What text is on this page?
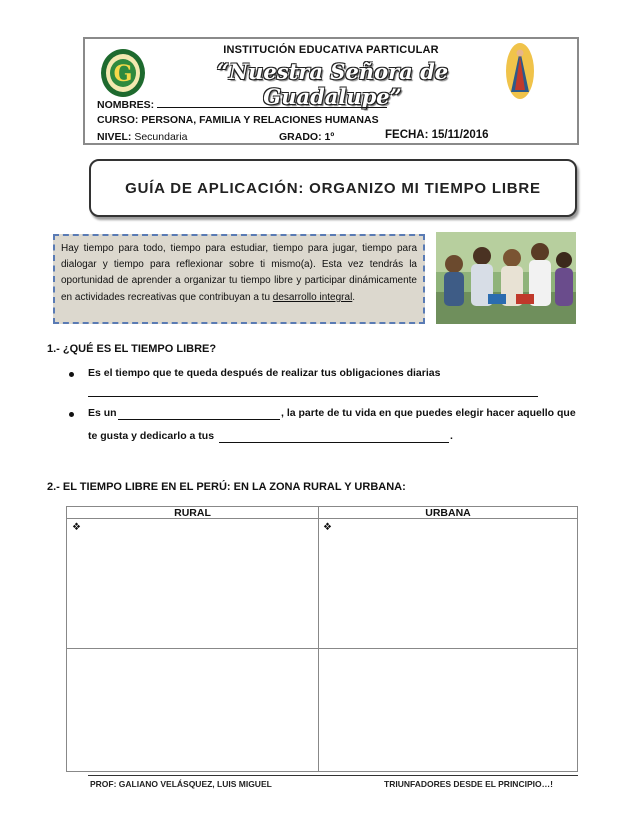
G
INSTITUCIÓN EDUCATIVA PARTICULAR
“Nuestra Señora de Guadalupe”
NOMBRES:
CURSO: PERSONA, FAMILIA Y RELACIONES HUMANAS
NIVEL: Secundaria	GRADO: 1º	FECHA: 15/11/2016
GUÍA DE APLICACIÓN: ORGANIZO MI TIEMPO LIBRE
Hay tiempo para todo, tiempo para estudiar, tiempo para jugar, tiempo para dialogar y tiempo para reflexionar sobre ti mismo(a). Esta vez tendrás la oportunidad de aprender a organizar tu tiempo libre y participar dinámicamente en actividades recreativas que contribuyan a tu desarrollo integral.
1.- ¿QUÉ ES EL TIEMPO LIBRE?
Es el tiempo que te queda después de realizar tus obligaciones diarias
Es un	, la parte de tu vida en que puedes elegir hacer aquello que
te gusta y dedicarlo a tus	.
2.- EL TIEMPO LIBRE EN EL PERÚ: EN LA ZONA RURAL Y URBANA:
RURAL	URBANA
❖	❖
PROF: GALIANO VELÁSQUEZ, LUIS MIGUEL	TRIUNFADORES DESDE EL PRINCIPIO…!
